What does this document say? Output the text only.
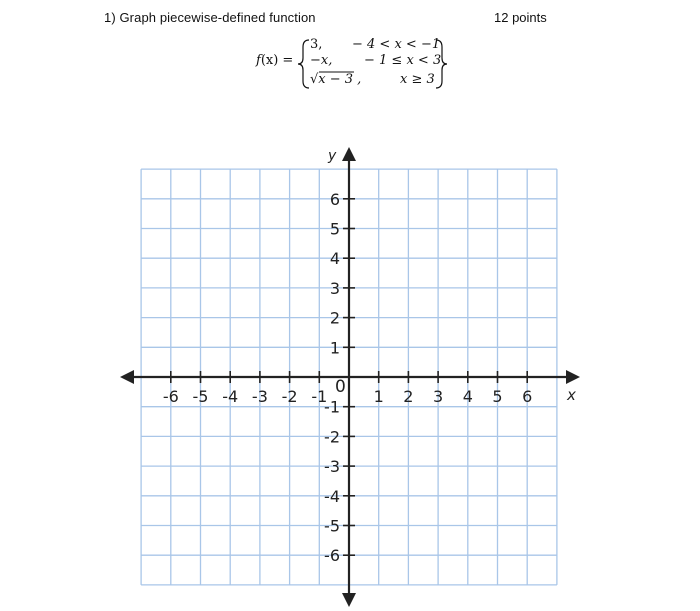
1) Graph piecewise-defined function	12 points
f(x) =
3, − 4 < x < −1
−x, − 1 ≤ x < 3
√x − 3 ,	x ≥ 3
-6 -5 -4 -3 -2 -1	1 2 3 4 5 6
6
5
4
3
2
1
-1
-2
-3
-4
-5
-6
x
y
0
